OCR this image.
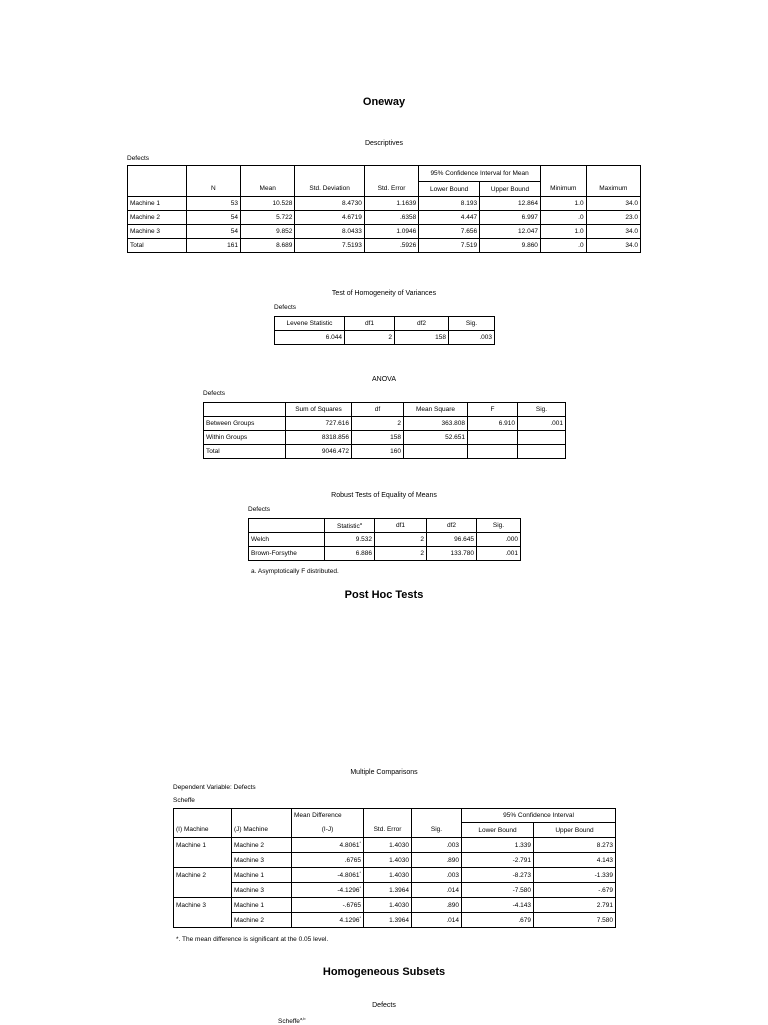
Oneway
Descriptives
Defects
					95% Confidence Interval for Mean			
	N	Mean	Std. Deviation	Std. Error	Lower Bound	Upper Bound	Minimum	Maximum
Machine 1	53	10.528	8.4730	1.1639	8.193	12.864	1.0	34.0
Machine 2	54	5.722	4.6719	.6358	4.447	6.997	.0	23.0
Machine 3	54	9.852	8.0433	1.0946	7.656	12.047	1.0	34.0
Total	161	8.689	7.5193	.5926	7.519	9.860	.0	34.0
Test of Homogeneity of Variances
Defects
Levene Statistic	df1	df2	Sig.
6.044	2	158	.003
ANOVA
Defects
	Sum of Squares	df	Mean Square	F	Sig.
Between Groups	727.616	2	363.808	6.910	.001
Within Groups	8318.856	158	52.651		
Total	9046.472	160			
Robust Tests of Equality of Means
Defects
	Statistic$^a$	df1	df2	Sig.
Welch	9.532	2	96.645	.000
Brown-Forsythe	6.886	2	133.780	.001
a. Asymptotically F distributed.
Post Hoc Tests
Multiple Comparisons
Dependent Variable: Defects
Scheffe
		Mean Difference			95% Confidence Interval	
(I) Machine	(J) Machine	(I-J)	Std. Error	Sig.	Lower Bound	Upper Bound
Machine 1	Machine 2	4.8061*	1.4030	.003	1.339	8.273
	Machine 3	.6765	1.4030	.890	-2.791	4.143
Machine 2	Machine 1	-4.8061*	1.4030	.003	-8.273	-1.339
	Machine 3	-4.1296*	1.3964	.014	-7.580	-.679
Machine 3	Machine 1	-.6765	1.4030	.890	-4.143	2.791
	Machine 2	4.1296*	1.3964	.014	.679	7.580
*. The mean difference is significant at the 0.05 level.
Homogeneous Subsets
Defects
Scheffe$^{a,b}$
